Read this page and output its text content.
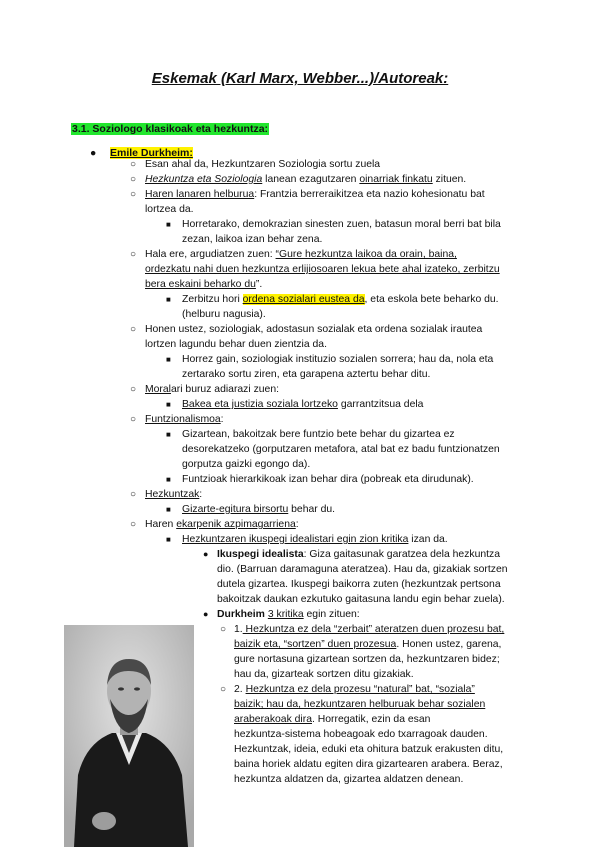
Eskemak (Karl Marx, Webber...)/Autoreak:
3.1. Soziologo klasikoak eta hezkuntza:
● Emile Durkheim:
○ Esan ahal da, Hezkuntzaren Soziologia sortu zuela
○ Hezkuntza eta Soziologia lanean ezagutzaren oinarriak finkatu zituen.
○ Haren lanaren helburua: Frantzia berreraikitzea eta nazio kohesionatu bat
lortzea da.
■ Horretarako, demokrazian sinesten zuen, batasun moral berri bat bila
zezan, laikoa izan behar zena.
○ Hala ere, argudiatzen zuen: “Gure hezkuntza laikoa da orain, baina,
ordezkatu nahi duen hezkuntza erlijiosoaren lekua bete ahal izateko, zerbitzu
bera eskaini beharko du”.
■ Zerbitzu hori ordena sozialari eustea da, eta eskola bete beharko du.
(helburu nagusia).
○ Honen ustez, soziologiak, adostasun sozialak eta ordena sozialak irautea
lortzen lagundu behar duen zientzia da.
■ Horrez gain, soziologiak instituzio sozialen sorrera; hau da, nola eta
zertarako sortu ziren, eta garapena aztertu behar ditu.
○ Moralari buruz adiarazi zuen:
■ Bakea eta justizia soziala lortzeko garrantzitsua dela
○ Funtzionalismoa:
■ Gizartean, bakoitzak bere funtzio bete behar du gizartea ez
desorekatzeko (gorputzaren metafora, atal bat ez badu funtzionatzen
gorputza gaizki egongo da).
■ Funtzioak hierarkikoak izan behar dira (pobreak eta dirudunak).
○ Hezkuntzak:
■ Gizarte-egitura birsortu behar du.
○ Haren ekarpenik azpimagarriena:
■ Hezkuntzaren ikuspegi idealistari egin zion kritika izan da.
● Ikuspegi idealista: Giza gaitasunak garatzea dela hezkuntza
dio. (Barruan daramaguna ateratzea). Hau da, gizakiak sortzen
dutela gizartea. Ikuspegi baikorra zuten (hezkuntzak pertsona
bakoitzak daukan ezkutuko gaitasuna landu egin behar zuela).
● Durkheim 3 kritika egin zituen:
○ 1. Hezkuntza ez dela “zerbait” ateratzen duen prozesu bat,
baizik eta, “sortzen” duen prozesua. Honen ustez, garena,
gure nortasuna gizartean sortzen da, hezkuntzaren bidez;
hau da, gizarteak sortzen ditu gizakiak.
○ 2. Hezkuntza ez dela prozesu “natural” bat, “soziala”
baizik; hau da, hezkuntzaren helburuak behar sozialen
araberakoak dira. Horregatik, ezin da esan
hezkuntza-sistema hobeagoak edo txarragoak dauden.
Hezkuntzak, ideia, eduki eta ohitura batzuk erakusten ditu,
baina horiek aldatu egiten dira gizartearen arabera. Beraz,
hezkuntza aldatzen da, gizartea aldatzen denean.
